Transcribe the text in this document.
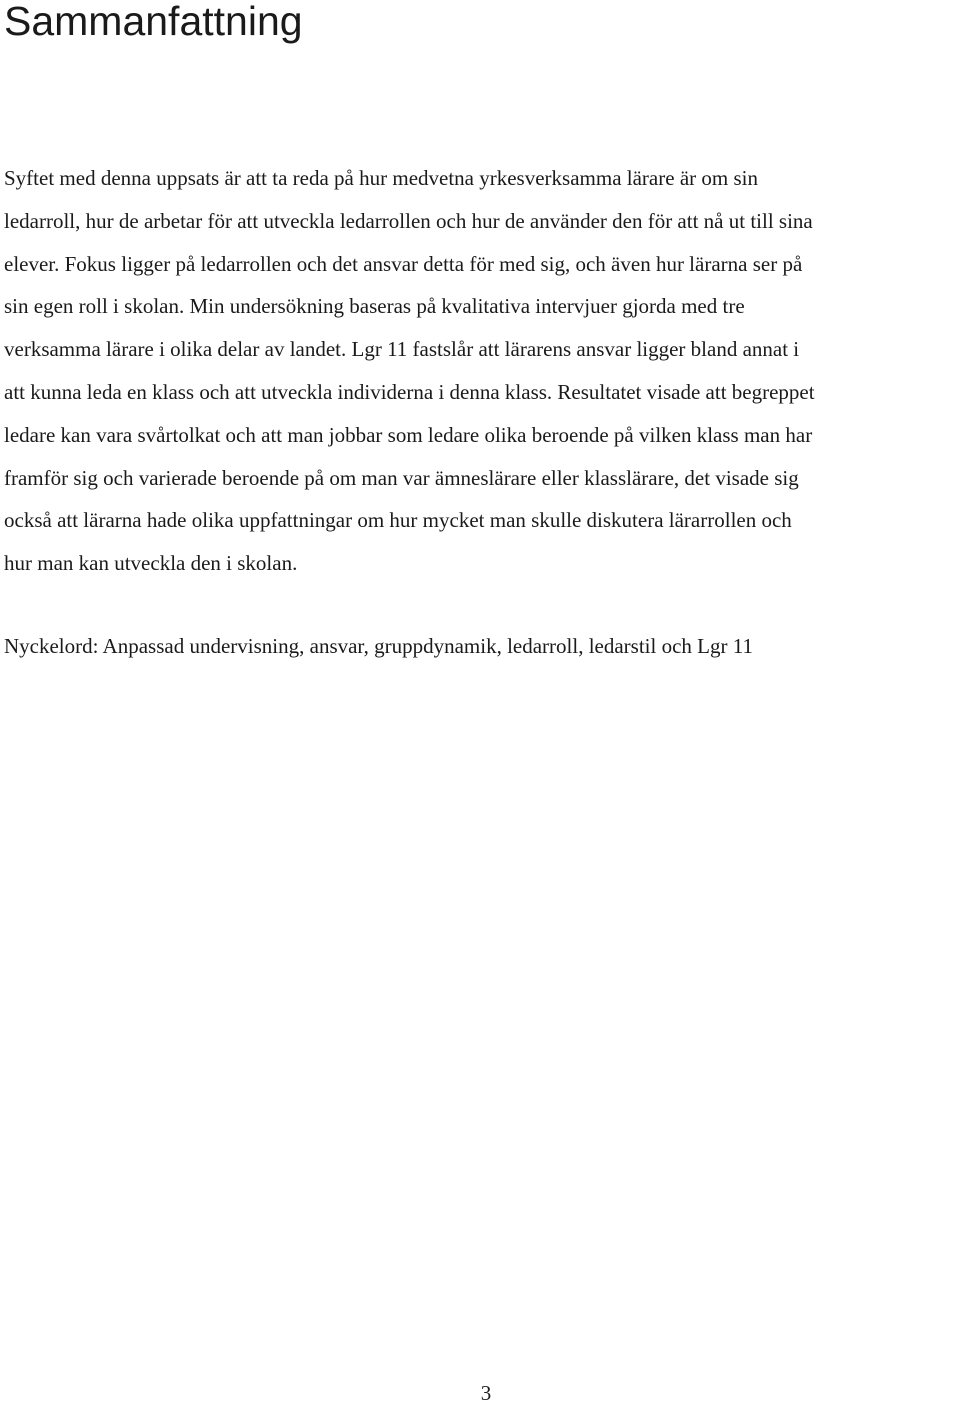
Sammanfattning

Syftet med denna uppsats är att ta reda på hur medvetna yrkesverksamma lärare är om sin
ledarroll, hur de arbetar för att utveckla ledarrollen och hur de använder den för att nå ut till sina
elever. Fokus ligger på ledarrollen och det ansvar detta för med sig, och även hur lärarna ser på
sin egen roll i skolan. Min undersökning baseras på kvalitativa intervjuer gjorda med tre
verksamma lärare i olika delar av landet. Lgr 11 fastslår att lärarens ansvar ligger bland annat i
att kunna leda en klass och att utveckla individerna i denna klass. Resultatet visade att begreppet
ledare kan vara svårtolkat och att man jobbar som ledare olika beroende på vilken klass man har
framför sig och varierade beroende på om man var ämneslärare eller klasslärare, det visade sig
också att lärarna hade olika uppfattningar om hur mycket man skulle diskutera lärarrollen och
hur man kan utveckla den i skolan.

Nyckelord: Anpassad undervisning, ansvar, gruppdynamik, ledarroll, ledarstil och Lgr 11

3
